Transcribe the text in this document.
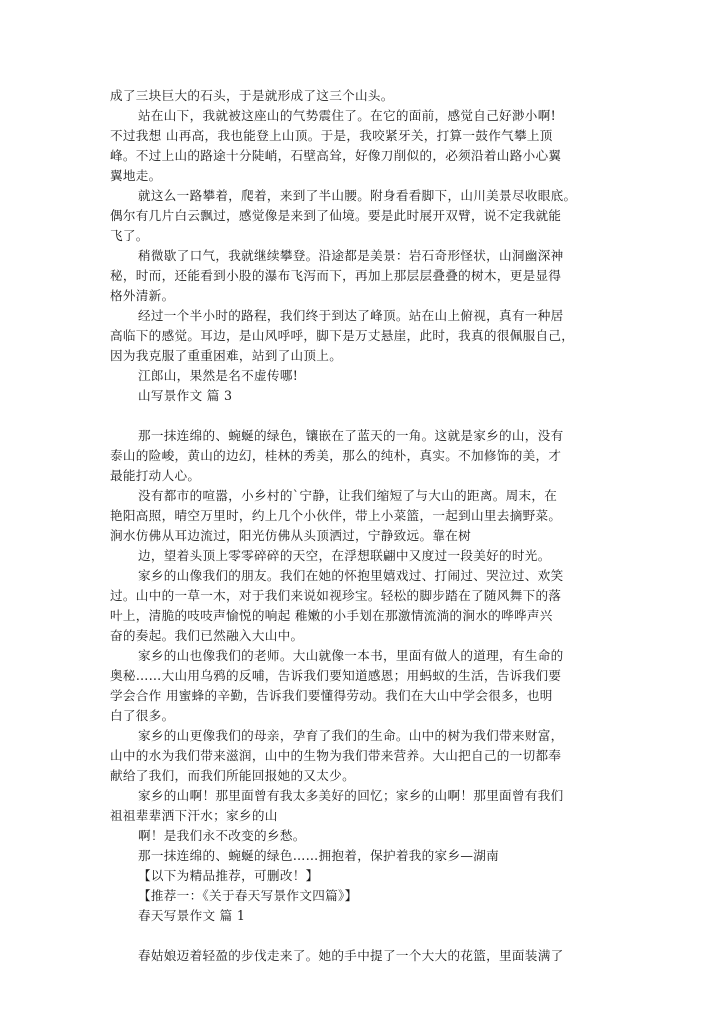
成了三块巨大的石头，于是就形成了这三个山头。
站在山下，我就被这座山的气势震住了。在它的面前，感觉自己好渺小啊!
不过我想 山再高，我也能登上山顶。于是，我咬紧牙关，打算一鼓作气攀上顶
峰。不过上山的路途十分陡峭，石壁高耸，好像刀削似的，必须沿着山路小心翼
翼地走。
就这么一路攀着，爬着，来到了半山腰。附身看看脚下，山川美景尽收眼底。
偶尔有几片白云飘过，感觉像是来到了仙境。要是此时展开双臂，说不定我就能
飞了。
稍微歇了口气，我就继续攀登。沿途都是美景：岩石奇形怪状，山洞幽深神
秘，时而，还能看到小股的瀑布飞泻而下，再加上那层层叠叠的树木，更是显得
格外清新。
经过一个半小时的路程，我们终于到达了峰顶。站在山上俯视，真有一种居
高临下的感觉。耳边，是山风呼呼，脚下是万丈悬崖，此时，我真的很佩服自己，
因为我克服了重重困难，站到了山顶上。
江郎山，果然是名不虚传哪!
山写景作文 篇 3
那一抹连绵的、蜿蜒的绿色，镶嵌在了蓝天的一角。这就是家乡的山，没有
泰山的险峻，黄山的边幻，桂林的秀美，那么的纯朴，真实。不加修饰的美，才
最能打动人心。
没有都市的喧嚣，小乡村的`宁静，让我们缩短了与大山的距离。周末，在
艳阳高照，晴空万里时，约上几个小伙伴，带上小菜篮，一起到山里去摘野菜。
涧水仿佛从耳边流过，阳光仿佛从头顶洒过，宁静致远。靠在树
边，望着头顶上零零碎碎的天空，在浮想联翩中又度过一段美好的时光。
家乡的山像我们的朋友。我们在她的怀抱里嬉戏过、打闹过、哭泣过、欢笑
过。山中的一草一木，对于我们来说如视珍宝。轻松的脚步踏在了随风舞下的落
叶上，清脆的吱吱声愉悦的响起 稚嫩的小手划在那激情流淌的涧水的哗哗声兴
奋的奏起。我们已然融入大山中。
家乡的山也像我们的老师。大山就像一本书，里面有做人的道理，有生命的
奥秘……大山用乌鸦的反哺，告诉我们要知道感恩；用蚂蚁的生活，告诉我们要
学会合作 用蜜蜂的辛勤，告诉我们要懂得劳动。我们在大山中学会很多，也明
白了很多。
家乡的山更像我们的母亲，孕育了我们的生命。山中的树为我们带来财富，
山中的水为我们带来滋润，山中的生物为我们带来营养。大山把自己的一切都奉
献给了我们，而我们所能回报她的又太少。
家乡的山啊！那里面曾有我太多美好的回忆；家乡的山啊！那里面曾有我们
祖祖辈辈洒下汗水；家乡的山
啊！是我们永不改变的乡愁。
那一抹连绵的、蜿蜒的绿色……拥抱着，保护着我的家乡—湖南
【以下为精品推荐，可删改！】
【推荐一：《关于春天写景作文四篇》】
春天写景作文 篇 1
春姑娘迈着轻盈的步伐走来了。她的手中提了一个大大的花篮，里面装满了
